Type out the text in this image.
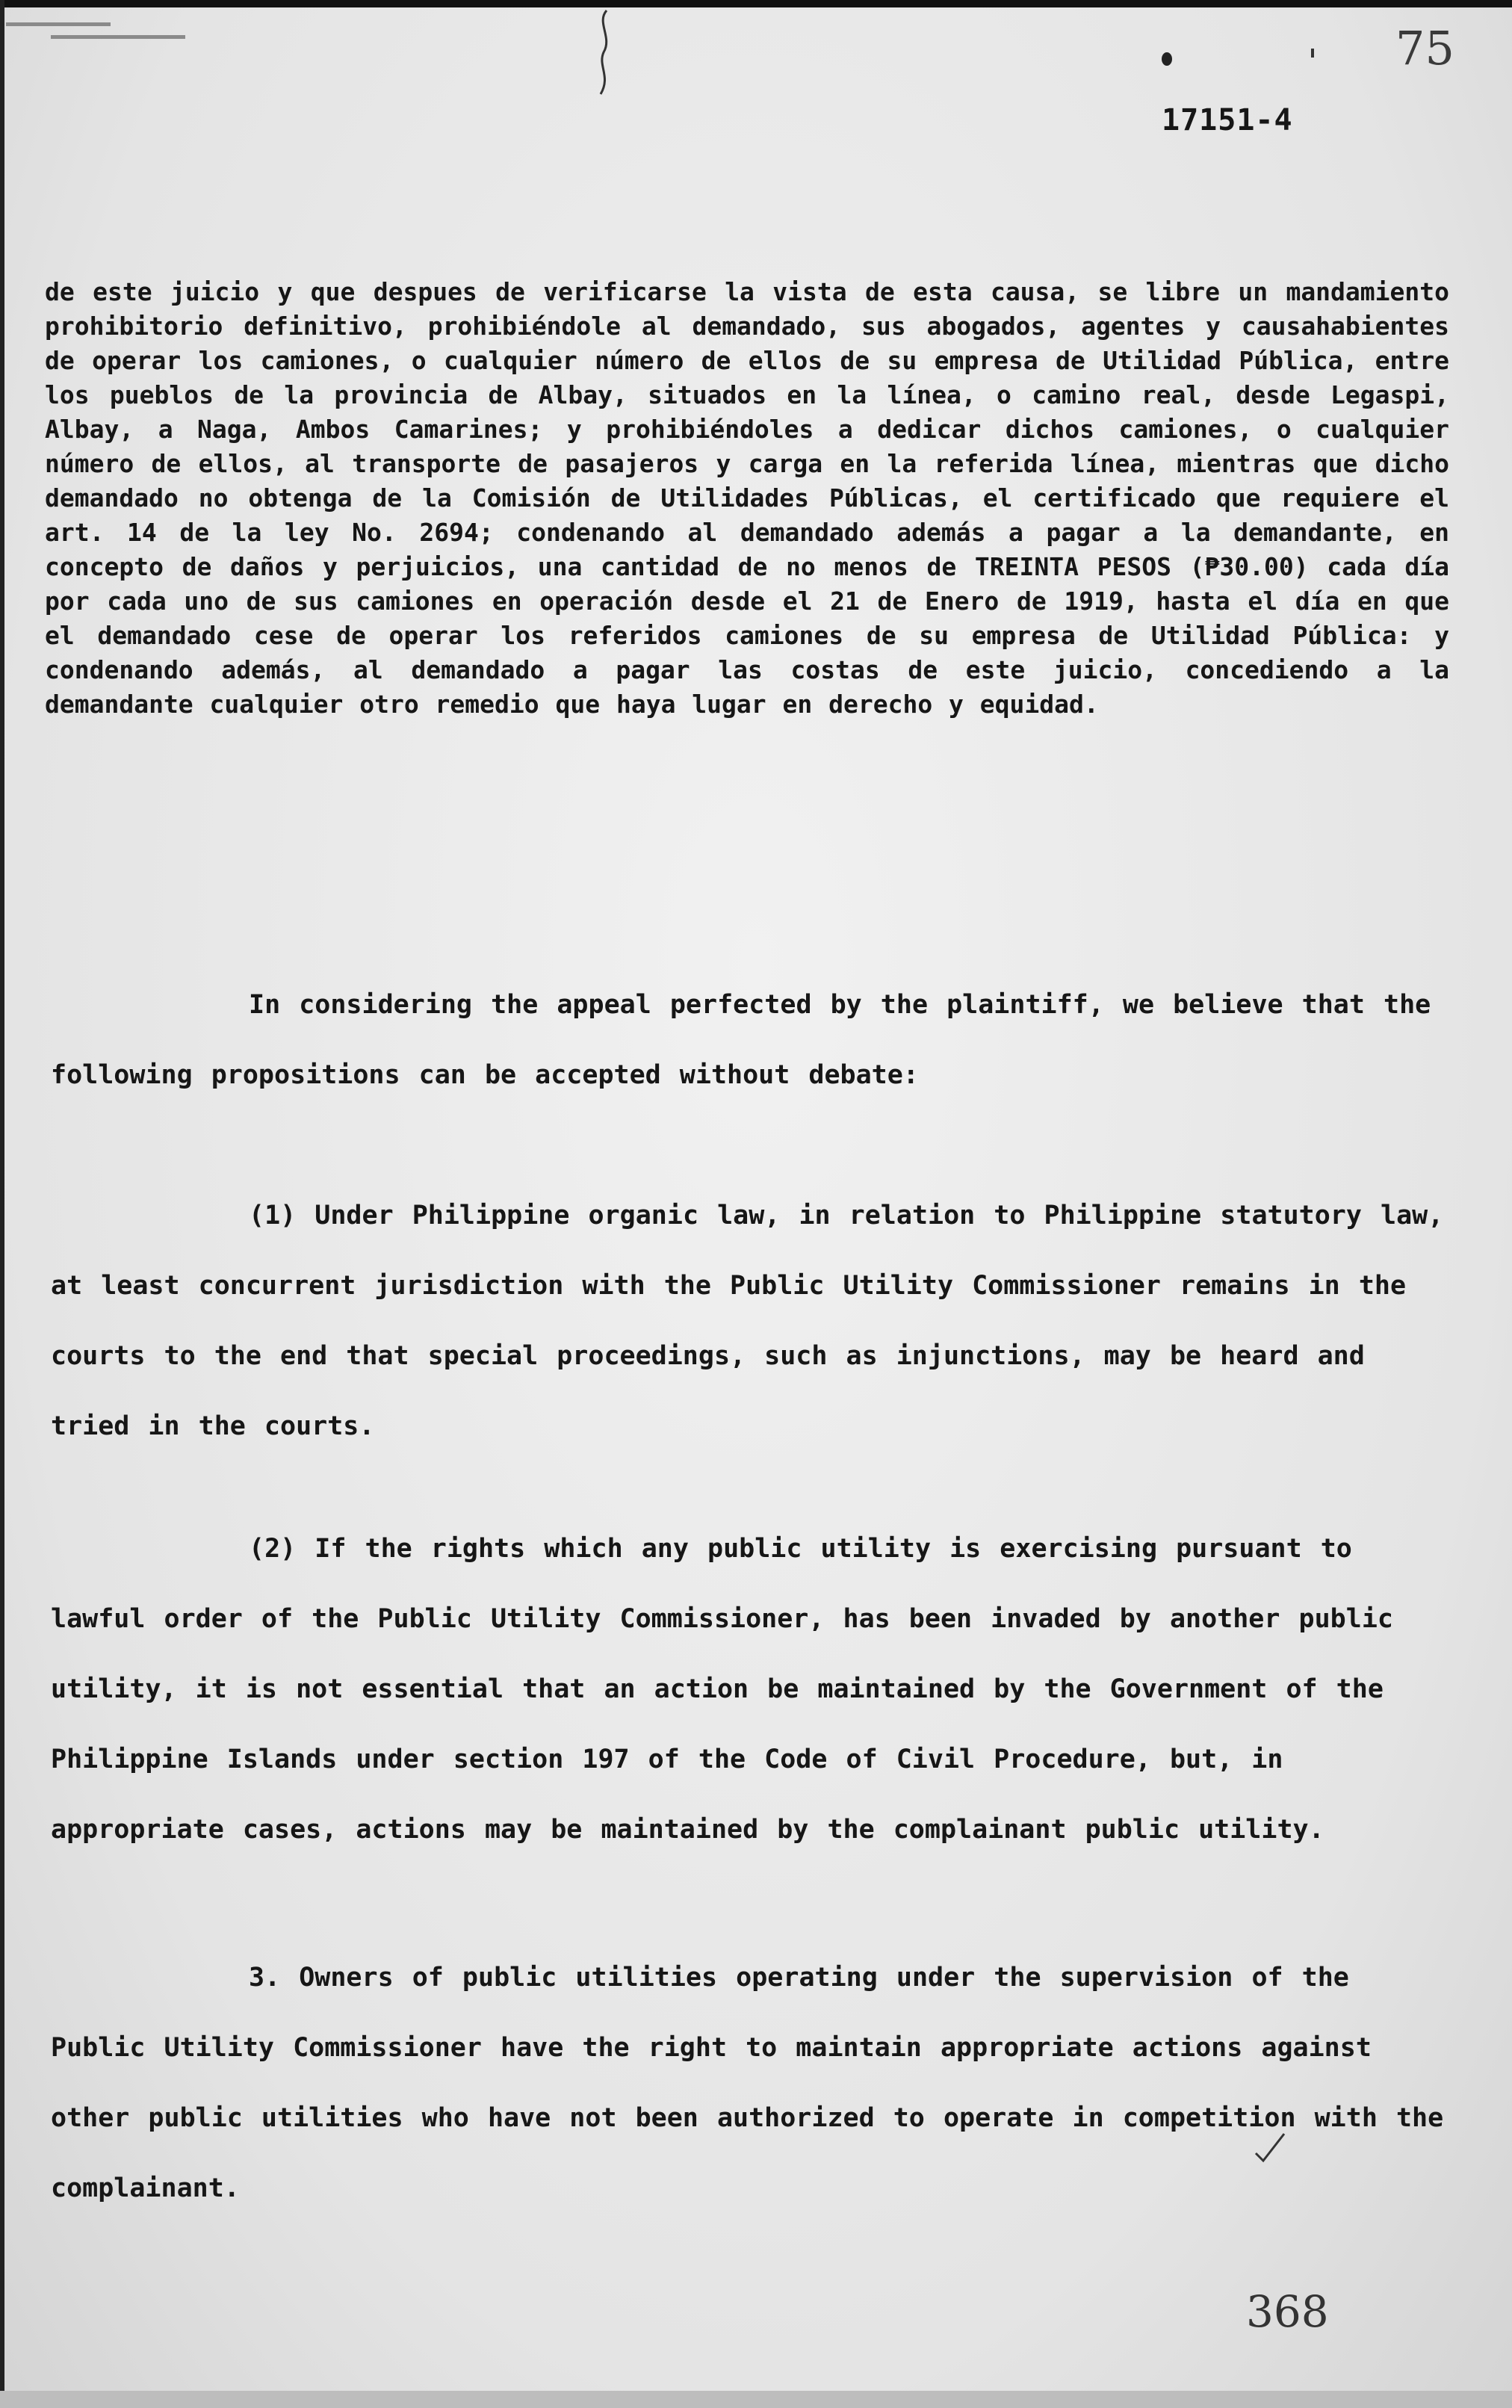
75
17151-4

de este juicio y que despues de verificarse la vista de esta causa, se libre un mandamiento prohibitorio definitivo, prohibiéndole al demandado, sus abogados, agentes y causahabientes de operar los camiones, o cualquier número de ellos de su empresa de Utilidad Pública, entre los pueblos de la provincia de Albay, situados en la línea, o camino real, desde Legaspi, Albay, a Naga, Ambos Camarines; y prohibiéndoles a dedicar dichos camiones, o cualquier número de ellos, al transporte de pasajeros y carga en la referida línea, mientras que dicho demandado no obtenga de la Comisión de Utilidades Públicas, el certificado que requiere el art. 14 de la ley No. 2694; condenando al demandado además a pagar a la demandante, en concepto de daños y perjuicios, una cantidad de no menos de TREINTA PESOS (₱30.00) cada día por cada uno de sus camiones en operación desde el 21 de Enero de 1919, hasta el día en que el demandado cese de operar los referidos camiones de su empresa de Utilidad Pública: y condenando además, al demandado a pagar las costas de este juicio, concediendo a la demandante cualquier otro remedio que haya lugar en derecho y equidad.

In considering the appeal perfected by the plaintiff, we believe that the following propositions can be accepted without debate:

(1) Under Philippine organic law, in relation to Philippine statutory law, at least concurrent jurisdiction with the Public Utility Commissioner remains in the courts to the end that special proceedings, such as injunctions, may be heard and tried in the courts.

(2) If the rights which any public utility is exercising pursuant to lawful order of the Public Utility Commissioner, has been invaded by another public utility, it is not essential that an action be maintained by the Government of the Philippine Islands under section 197 of the Code of Civil Procedure, but, in appropriate cases, actions may be maintained by the complainant public utility.

3. Owners of public utilities operating under the supervision of the Public Utility Commissioner have the right to maintain appropriate actions against other public utilities who have not been authorized to operate in competition with the complainant.

368
